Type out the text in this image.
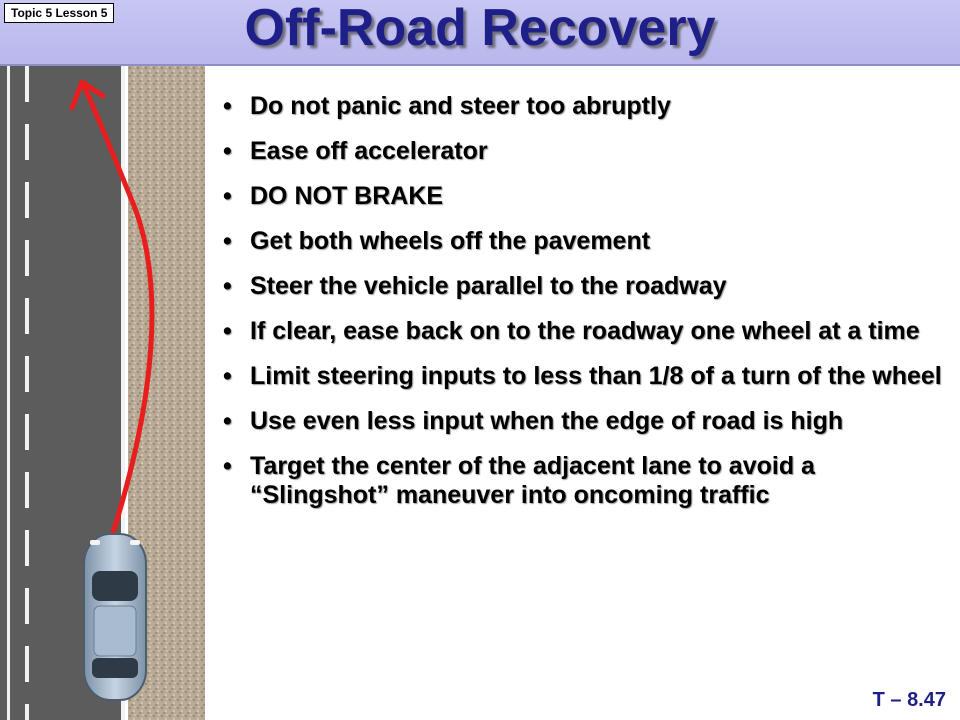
Topic 5 Lesson 5	Off-Road Recovery
• Do not panic and steer too abruptly
• Ease off accelerator
• DO NOT BRAKE
• Get both wheels off the pavement
• Steer the vehicle parallel to the roadway
• If clear, ease back on to the roadway one wheel at a time
• Limit steering inputs to less than 1/8 of a turn of the wheel
• Use even less input when the edge of road is high
• Target the center of the adjacent lane to avoid a “Slingshot” maneuver into oncoming traffic
T – 8.47
